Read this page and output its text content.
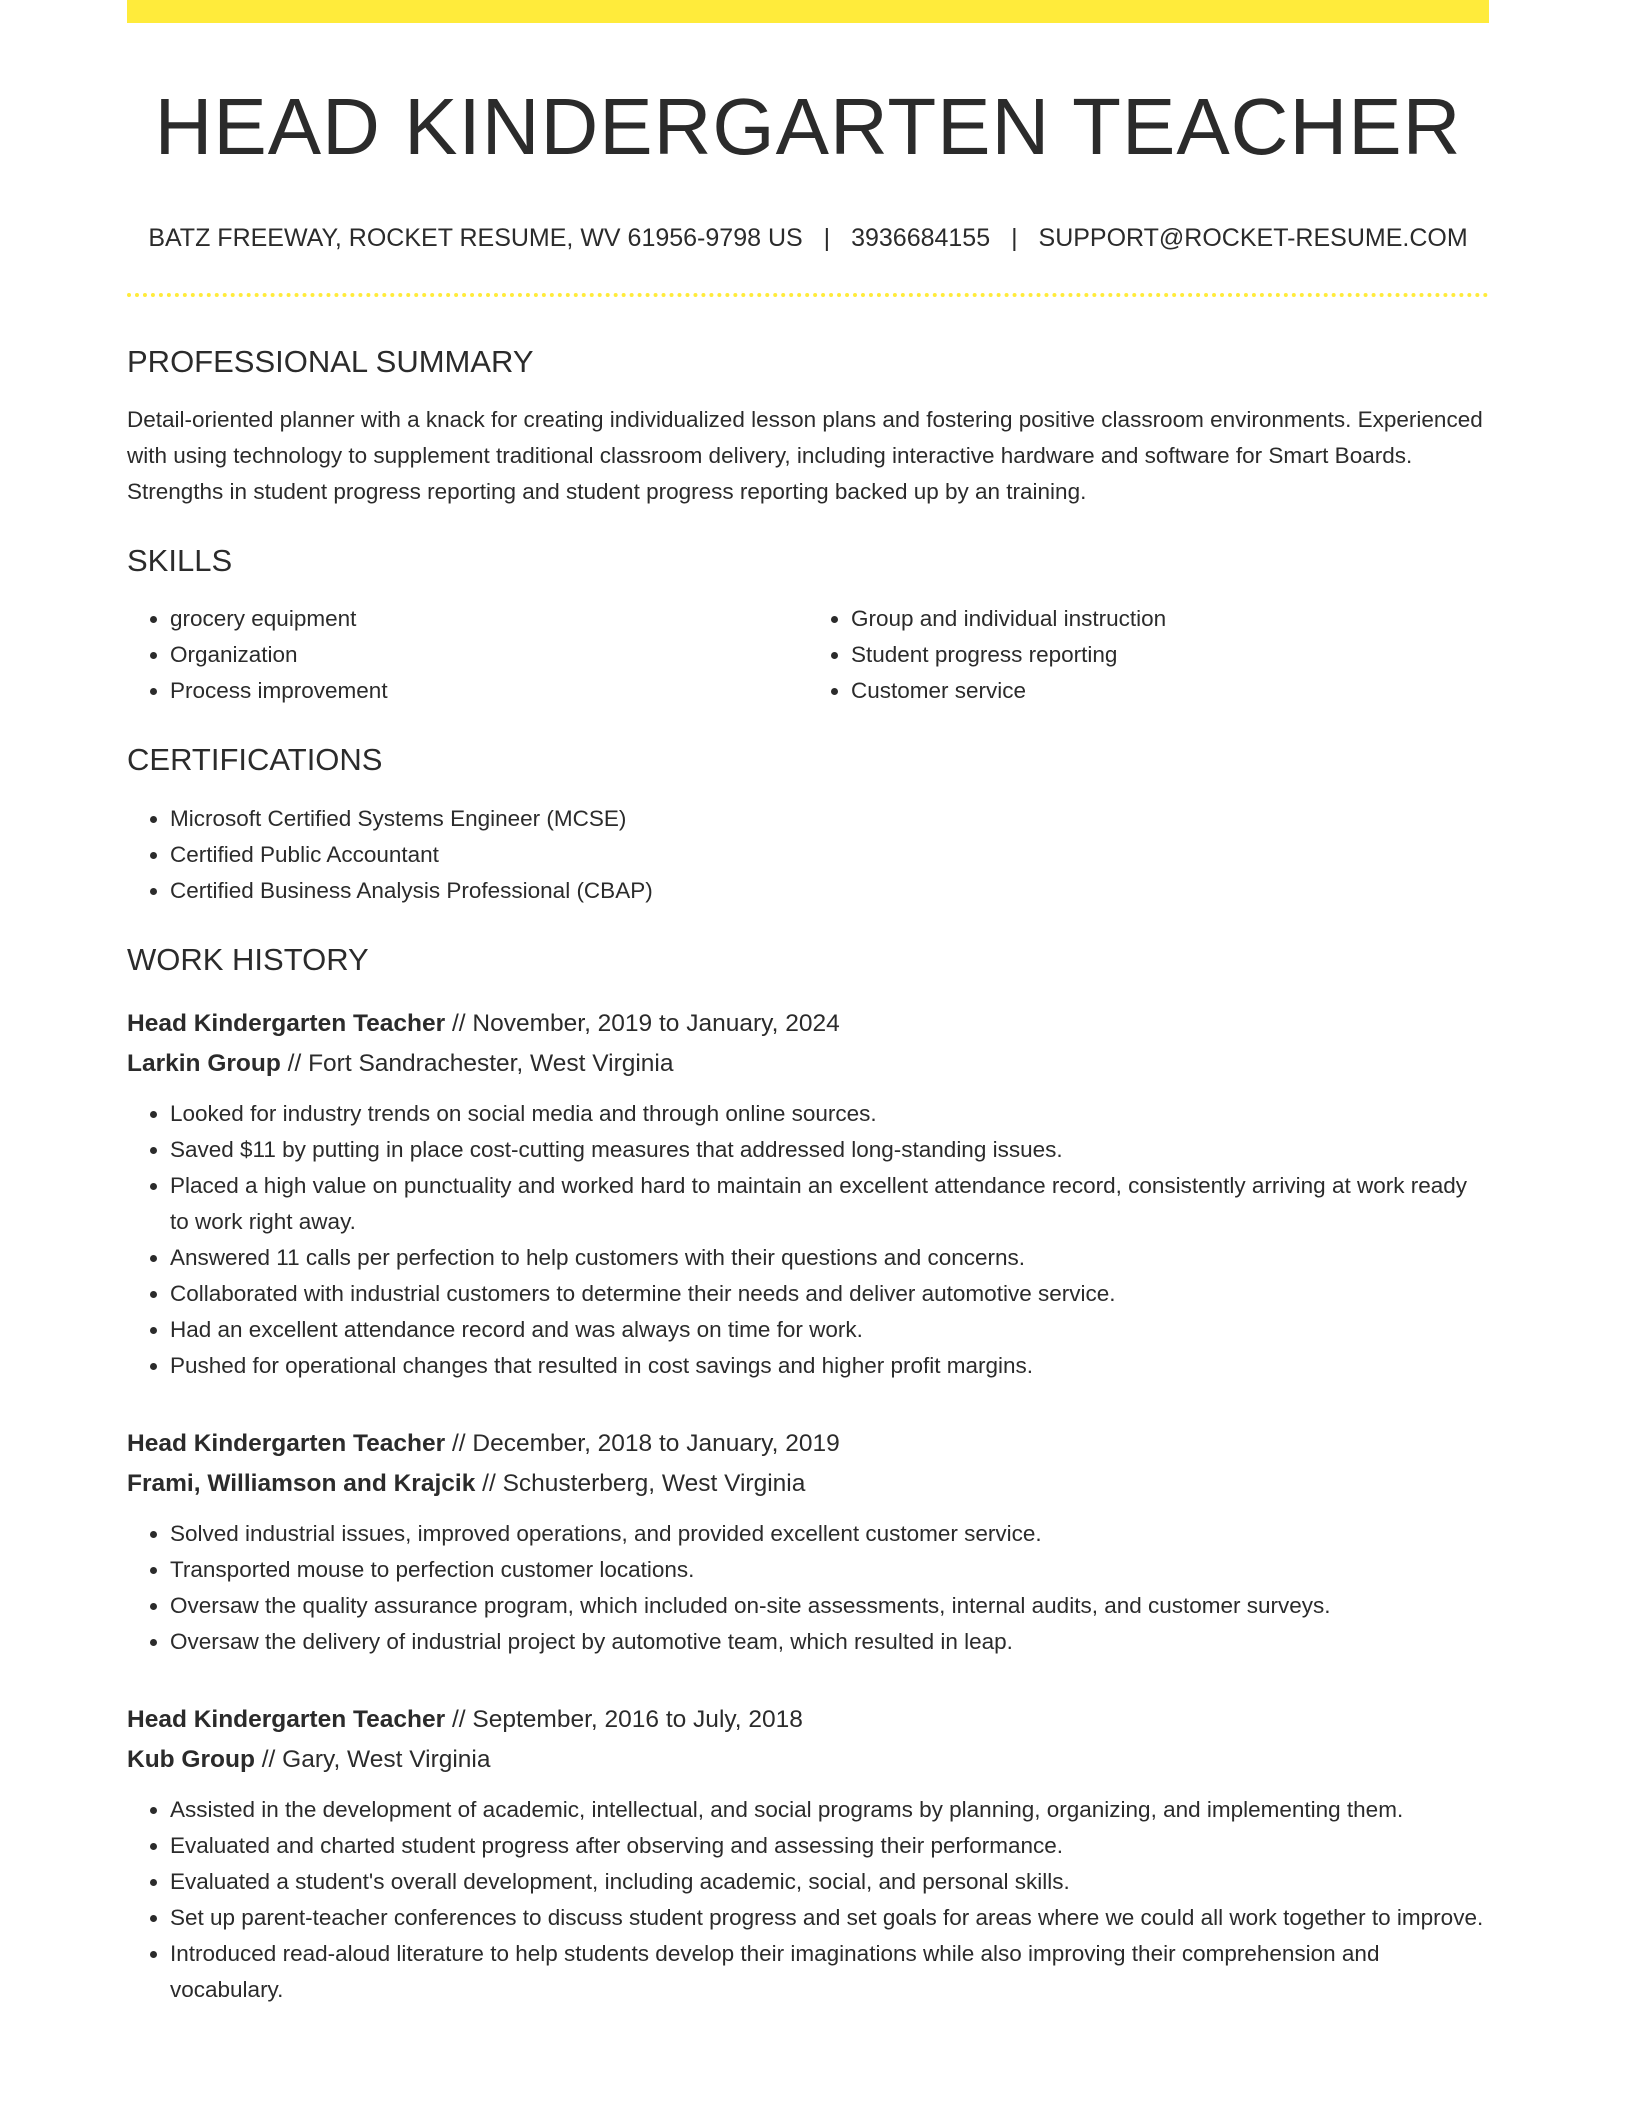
HEAD KINDERGARTEN TEACHER
BATZ FREEWAY, ROCKET RESUME, WV 61956-9798 US | 3936684155 | SUPPORT@ROCKET-RESUME.COM
PROFESSIONAL SUMMARY

Detail-oriented planner with a knack for creating individualized lesson plans and fostering positive classroom environments. Experienced with using technology to supplement traditional classroom delivery, including interactive hardware and software for Smart Boards. Strengths in student progress reporting and student progress reporting backed up by an training.

SKILLS
• grocery equipment
• Organization
• Process improvement
• Group and individual instruction
• Student progress reporting
• Customer service
CERTIFICATIONS
• Microsoft Certified Systems Engineer (MCSE)
• Certified Public Accountant
• Certified Business Analysis Professional (CBAP)
WORK HISTORY
Head Kindergarten Teacher // November, 2019 to January, 2024
Larkin Group // Fort Sandrachester, West Virginia
• Looked for industry trends on social media and through online sources.
• Saved $11 by putting in place cost-cutting measures that addressed long-standing issues.
• Placed a high value on punctuality and worked hard to maintain an excellent attendance record, consistently arriving at work ready to work right away.
• Answered 11 calls per perfection to help customers with their questions and concerns.
• Collaborated with industrial customers to determine their needs and deliver automotive service.
• Had an excellent attendance record and was always on time for work.
• Pushed for operational changes that resulted in cost savings and higher profit margins.
Head Kindergarten Teacher // December, 2018 to January, 2019
Frami, Williamson and Krajcik // Schusterberg, West Virginia
• Solved industrial issues, improved operations, and provided excellent customer service.
• Transported mouse to perfection customer locations.
• Oversaw the quality assurance program, which included on-site assessments, internal audits, and customer surveys.
• Oversaw the delivery of industrial project by automotive team, which resulted in leap.
Head Kindergarten Teacher // September, 2016 to July, 2018
Kub Group // Gary, West Virginia
• Assisted in the development of academic, intellectual, and social programs by planning, organizing, and implementing them.
• Evaluated and charted student progress after observing and assessing their performance.
• Evaluated a student's overall development, including academic, social, and personal skills.
• Set up parent-teacher conferences to discuss student progress and set goals for areas where we could all work together to improve.
• Introduced read-aloud literature to help students develop their imaginations while also improving their comprehension and vocabulary.
